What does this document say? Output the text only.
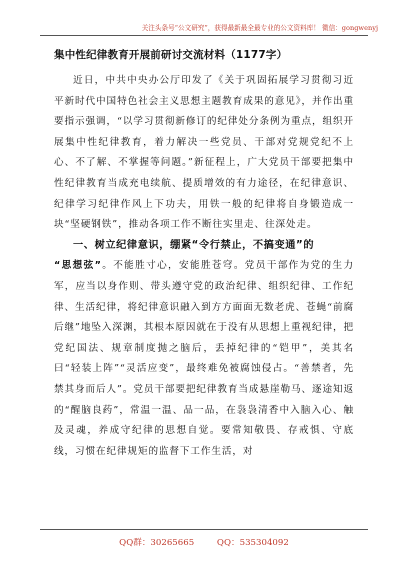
关注头条号“公文研究”，获得最新最全最专业的公文资料库！ 微信：gongwenyj
集中性纪律教育开展前研讨交流材料（1177字）

近日，中共中央办公厅印发了《关于巩固拓展学习贯彻习近平新时代中国特色社会主义思想主题教育成果的意见》，并作出重要指示强调，“以学习贯彻新修订的纪律处分条例为重点，组织开展集中性纪律教育，着力解决一些党员、干部对党规党纪不上心、不了解、不掌握等问题。”新征程上，广大党员干部要把集中性纪律教育当成充电续航、提质增效的有力途径，在纪律意识、纪律学习纪律作风上下功夫，用铁一般的纪律将自身锻造成一块“坚硬钢铁”，推动各项工作不断往实里走、往深处走。

一、树立纪律意识，绷紧“令行禁止，不搞变通”的

“思想弦”。不能胜寸心，安能胜苍穹。党员干部作为党的生力军，应当以身作则、带头遵守党的政治纪律、组织纪律、工作纪律、生活纪律，将纪律意识融入到方方面面无数老虎、苍蝇“前腐后继”地坠入深渊，其根本原因就在于没有从思想上重视纪律，把党纪国法、规章制度抛之脑后，丢掉纪律的“铠甲”，美其名曰“轻装上阵”“灵活应变”，最终难免被腐蚀侵占。“善禁者，先禁其身而后人”。党员干部要把纪律教育当成悬崖勒马、逐途知返的“醒脑良药”，常温一温、品一品，在袅袅清香中入脑入心、触及灵魂，养成守纪律的思想自觉。要常知敬畏、存戒惧、守底线，习惯在纪律规矩的监督下工作生活，对

QQ群：30265665	QQ：535304092
